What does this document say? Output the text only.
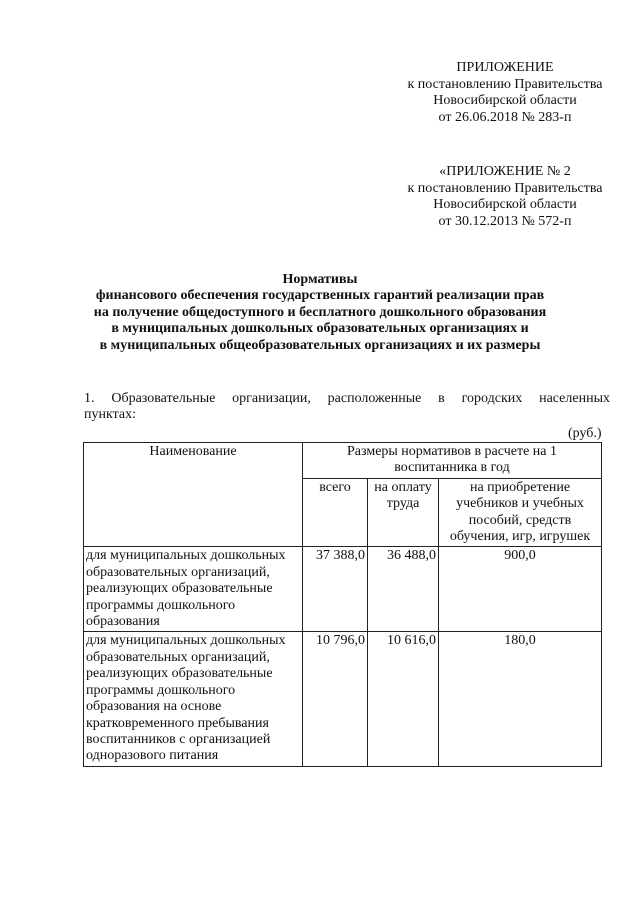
ПРИЛОЖЕНИЕ
к постановлению Правительства
Новосибирской области
от 26.06.2018 № 283-п
«ПРИЛОЖЕНИЕ № 2
к постановлению Правительства
Новосибирской области
от 30.12.2013 № 572-п
Нормативы
финансового обеспечения государственных гарантий реализации прав
на получение общедоступного и бесплатного дошкольного образования
в муниципальных дошкольных образовательных организациях и
в муниципальных общеобразовательных организациях и их размеры
1. Образовательные организации, расположенные в городских населенных
пунктах:
(руб.)
Наименование	Размеры нормативов в расчете на 1 воспитанника в год		
	всего	на оплату труда	на приобретение учебников и учебных пособий, средств обучения, игр, игрушек
для муниципальных дошкольных образовательных организаций, реализующих образовательные программы дошкольного образования	37 388,0	36 488,0	900,0
для муниципальных дошкольных образовательных организаций, реализующих образовательные программы дошкольного образования на основе кратковременного пребывания воспитанников с организацией одноразового питания	10 796,0	10 616,0	180,0
